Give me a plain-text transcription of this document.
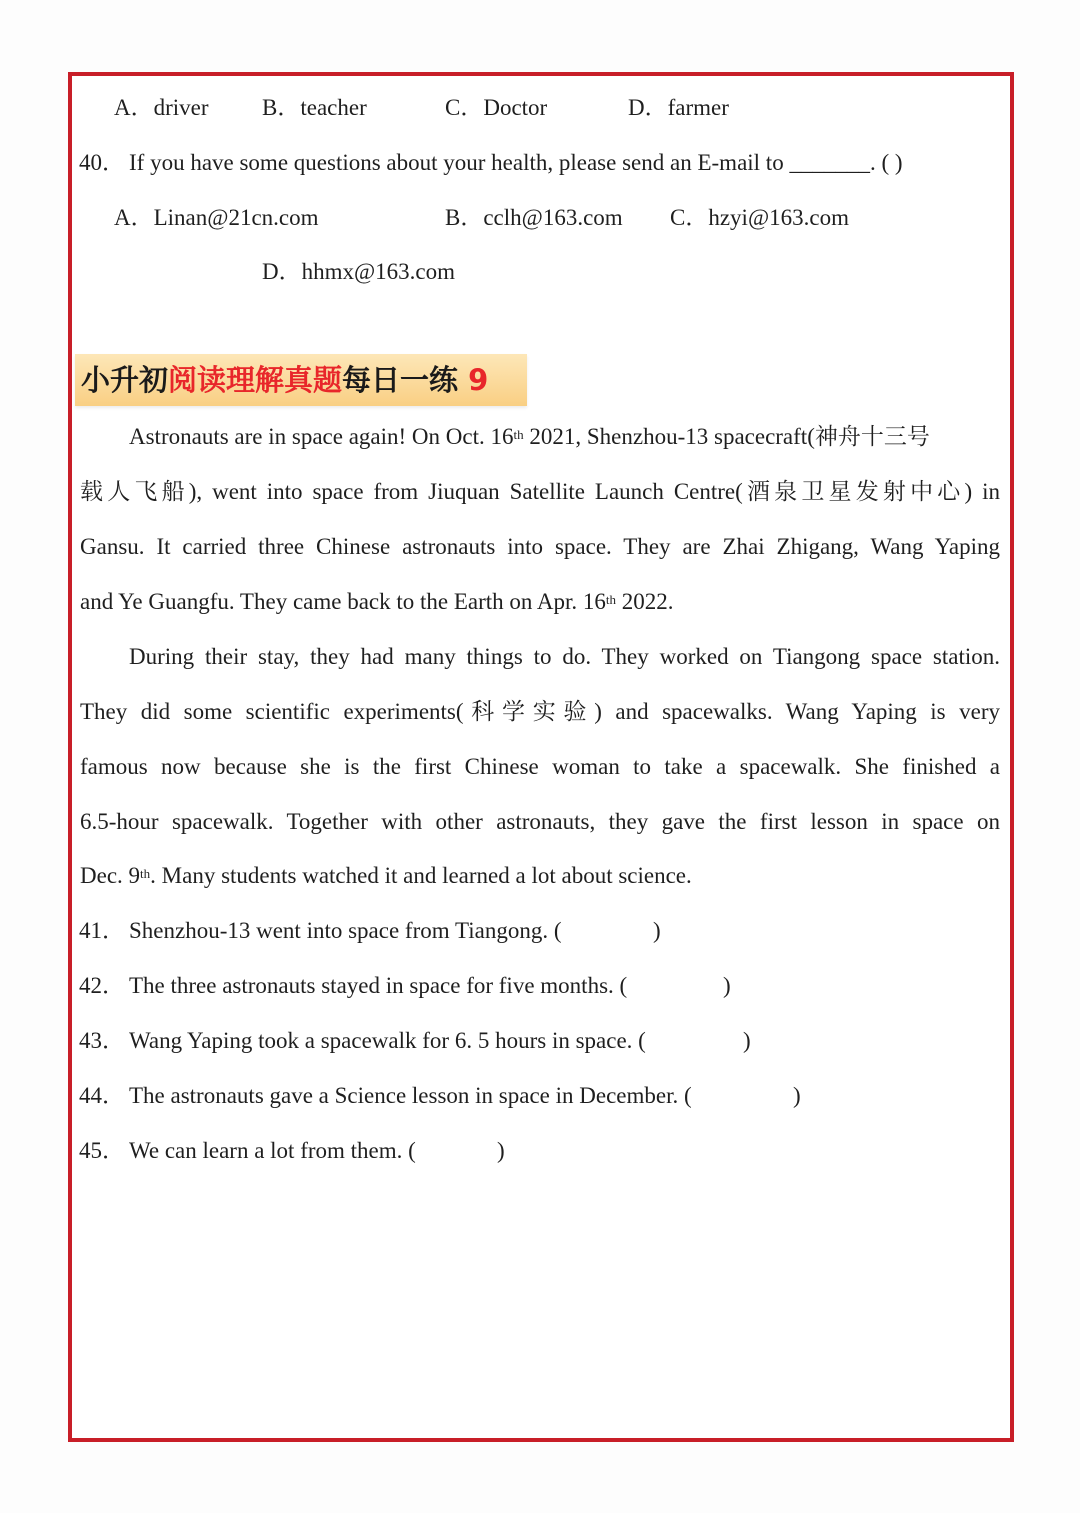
A．driver B．teacher	C．Doctor	D．farmer
40． If you have some questions about your health, please send an E-mail to _______. ( )
A．Linan@21cn.com	B．cclh@163.com C．hzyi@163.com
D．hhmx@163.com
小升初阅读理解真题每日一练 9
Astronauts are in space again! On Oct. 16th 2021, Shenzhou-13 spacecraft(神舟十三号
载人飞船), went into space from Jiuquan Satellite Launch Centre(酒泉卫星发射中心) in
Gansu. It carried three Chinese astronauts into space. They are Zhai Zhigang, Wang Yaping
and Ye Guangfu. They came back to the Earth on Apr. 16th 2022.
During their stay, they had many things to do. They worked on Tiangong space station.
They did some scientific experiments(科学实验) and spacewalks. Wang Yaping is very
famous now because she is the first Chinese woman to take a spacewalk. She finished a
6.5-hour spacewalk. Together with other astronauts, they gave the first lesson in space on
Dec. 9th. Many students watched it and learned a lot about science.
41． Shenzhou-13 went into space from Tiangong. (	)
42． The three astronauts stayed in space for five months. (	)
43． Wang Yaping took a spacewalk for 6. 5 hours in space. (	)
44． The astronauts gave a Science lesson in space in December. (	)
45． We can learn a lot from them. (	)
